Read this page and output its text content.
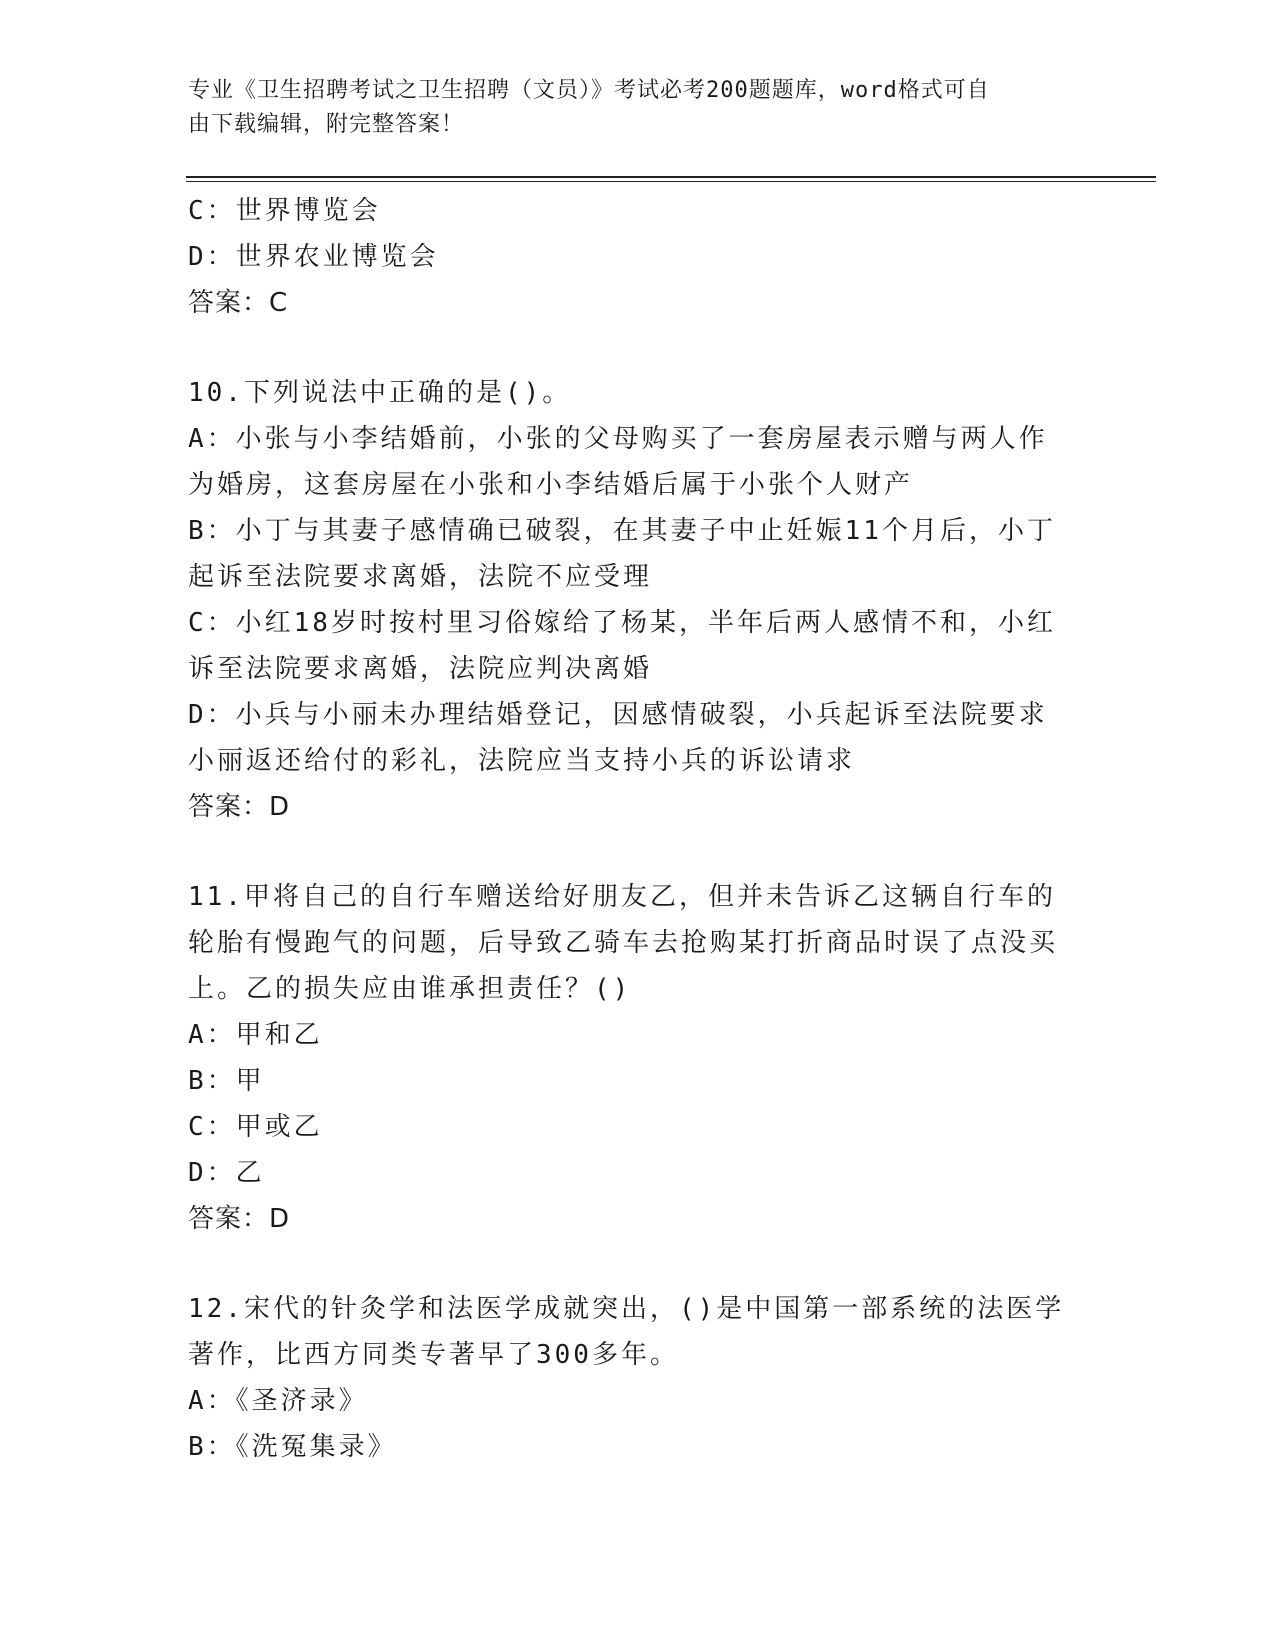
专业《卫生招聘考试之卫生招聘（文员）》考试必考200题题库，word格式可自
由下载编辑，附完整答案！

C：世界博览会

D：世界农业博览会

答案：C

10.下列说法中正确的是()。

A：小张与小李结婚前，小张的父母购买了一套房屋表示赠与两人作为婚房，这套房屋在小张和小李结婚后属于小张个人财产

B：小丁与其妻子感情确已破裂，在其妻子中止妊娠11个月后，小丁起诉至法院要求离婚，法院不应受理

C：小红18岁时按村里习俗嫁给了杨某，半年后两人感情不和，小红诉至法院要求离婚，法院应判决离婚

D：小兵与小丽未办理结婚登记，因感情破裂，小兵起诉至法院要求小丽返还给付的彩礼，法院应当支持小兵的诉讼请求

答案：D

11.甲将自己的自行车赠送给好朋友乙，但并未告诉乙这辆自行车的轮胎有慢跑气的问题，后导致乙骑车去抢购某打折商品时误了点没买上。乙的损失应由谁承担责任？()

A：甲和乙

B：甲

C：甲或乙

D：乙

答案：D

12.宋代的针灸学和法医学成就突出，()是中国第一部系统的法医学著作，比西方同类专著早了300多年。

A：《圣济录》

B：《洗冤集录》
